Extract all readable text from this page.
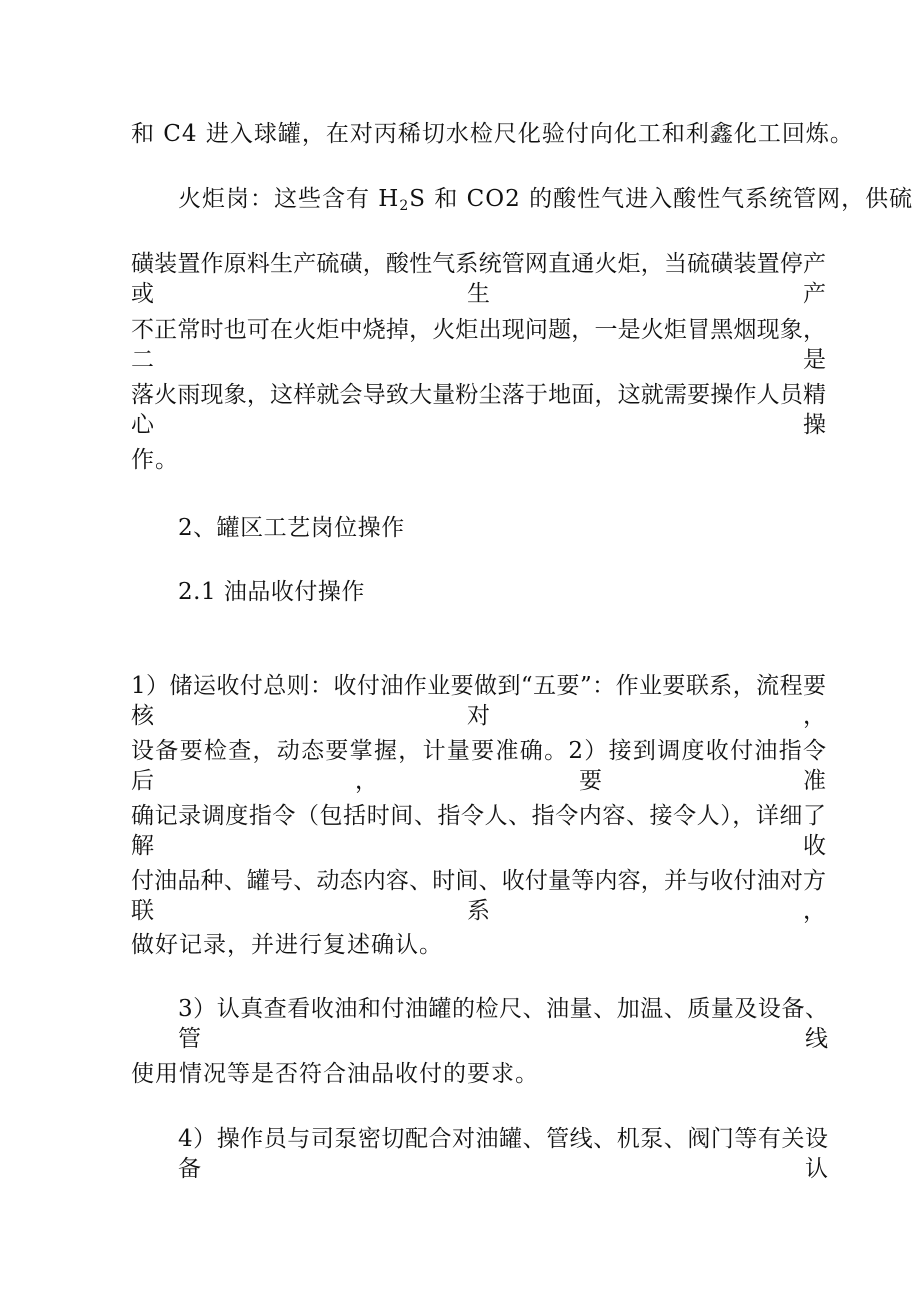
和 C4 进入球罐，在对丙稀切水检尺化验付向化工和利鑫化工回炼。
火炬岗：这些含有 $H_2S$ 和 CO2 的酸性气进入酸性气系统管网，供硫
磺装置作原料生产硫磺，酸性气系统管网直通火炬，当硫磺装置停产或生产
不正常时也可在火炬中烧掉，火炬出现问题，一是火炬冒黑烟现象，二是
落火雨现象，这样就会导致大量粉尘落于地面，这就需要操作人员精心操
作。
2、罐区工艺岗位操作
2.1 油品收付操作
1）储运收付总则：收付油作业要做到“五要”：作业要联系，流程要核对，
设备要检查，动态要掌握，计量要准确。2）接到调度收付油指令后，要准
确记录调度指令（包括时间、指令人、指令内容、接令人），详细了解收
付油品种、罐号、动态内容、时间、收付量等内容，并与收付油对方联系，
做好记录，并进行复述确认。
3）认真查看收油和付油罐的检尺、油量、加温、质量及设备、管线
使用情况等是否符合油品收付的要求。
4）操作员与司泵密切配合对油罐、管线、机泵、阀门等有关设备认
